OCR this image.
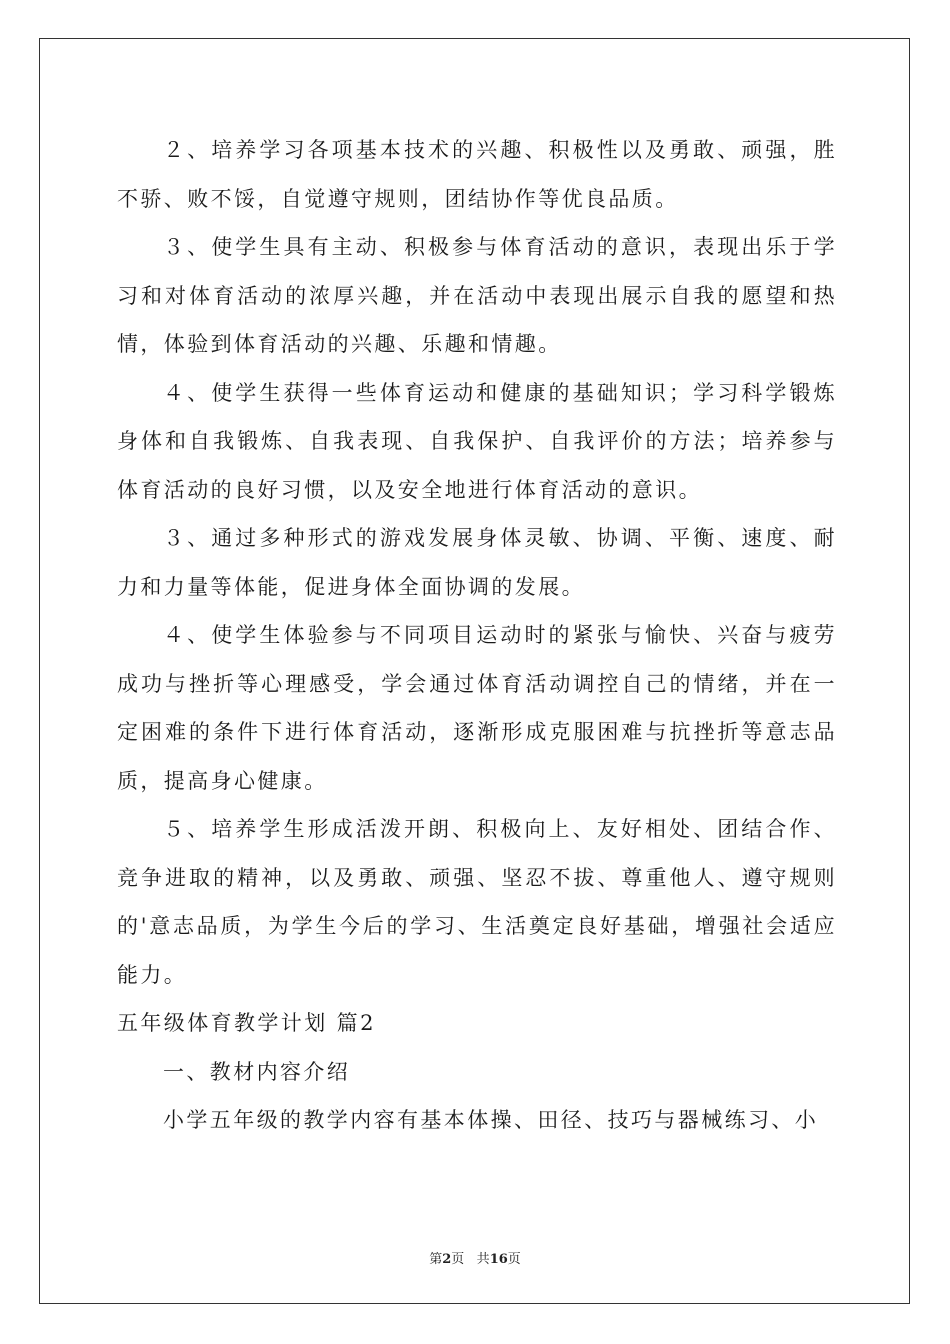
２、培养学习各项基本技术的兴趣、积极性以及勇敢、顽强，胜不骄、败不馁，自觉遵守规则，团结协作等优良品质。

３、使学生具有主动、积极参与体育活动的意识，表现出乐于学习和对体育活动的浓厚兴趣，并在活动中表现出展示自我的愿望和热情，体验到体育活动的兴趣、乐趣和情趣。

４、使学生获得一些体育运动和健康的基础知识；学习科学锻炼身体和自我锻炼、自我表现、自我保护、自我评价的方法；培养参与体育活动的良好习惯，以及安全地进行体育活动的意识。

３、通过多种形式的游戏发展身体灵敏、协调、平衡、速度、耐力和力量等体能，促进身体全面协调的发展。

４、使学生体验参与不同项目运动时的紧张与愉快、兴奋与疲劳成功与挫折等心理感受，学会通过体育活动调控自己的情绪，并在一定困难的条件下进行体育活动，逐渐形成克服困难与抗挫折等意志品质，提高身心健康。

５、培养学生形成活泼开朗、积极向上、友好相处、团结合作、竞争进取的精神，以及勇敢、顽强、坚忍不拔、尊重他人、遵守规则的'意志品质，为学生今后的学习、生活奠定良好基础，增强社会适应能力。

五年级体育教学计划 篇2

一、教材内容介绍

小学五年级的教学内容有基本体操、田径、技巧与器械练习、小

第2页 共16页
